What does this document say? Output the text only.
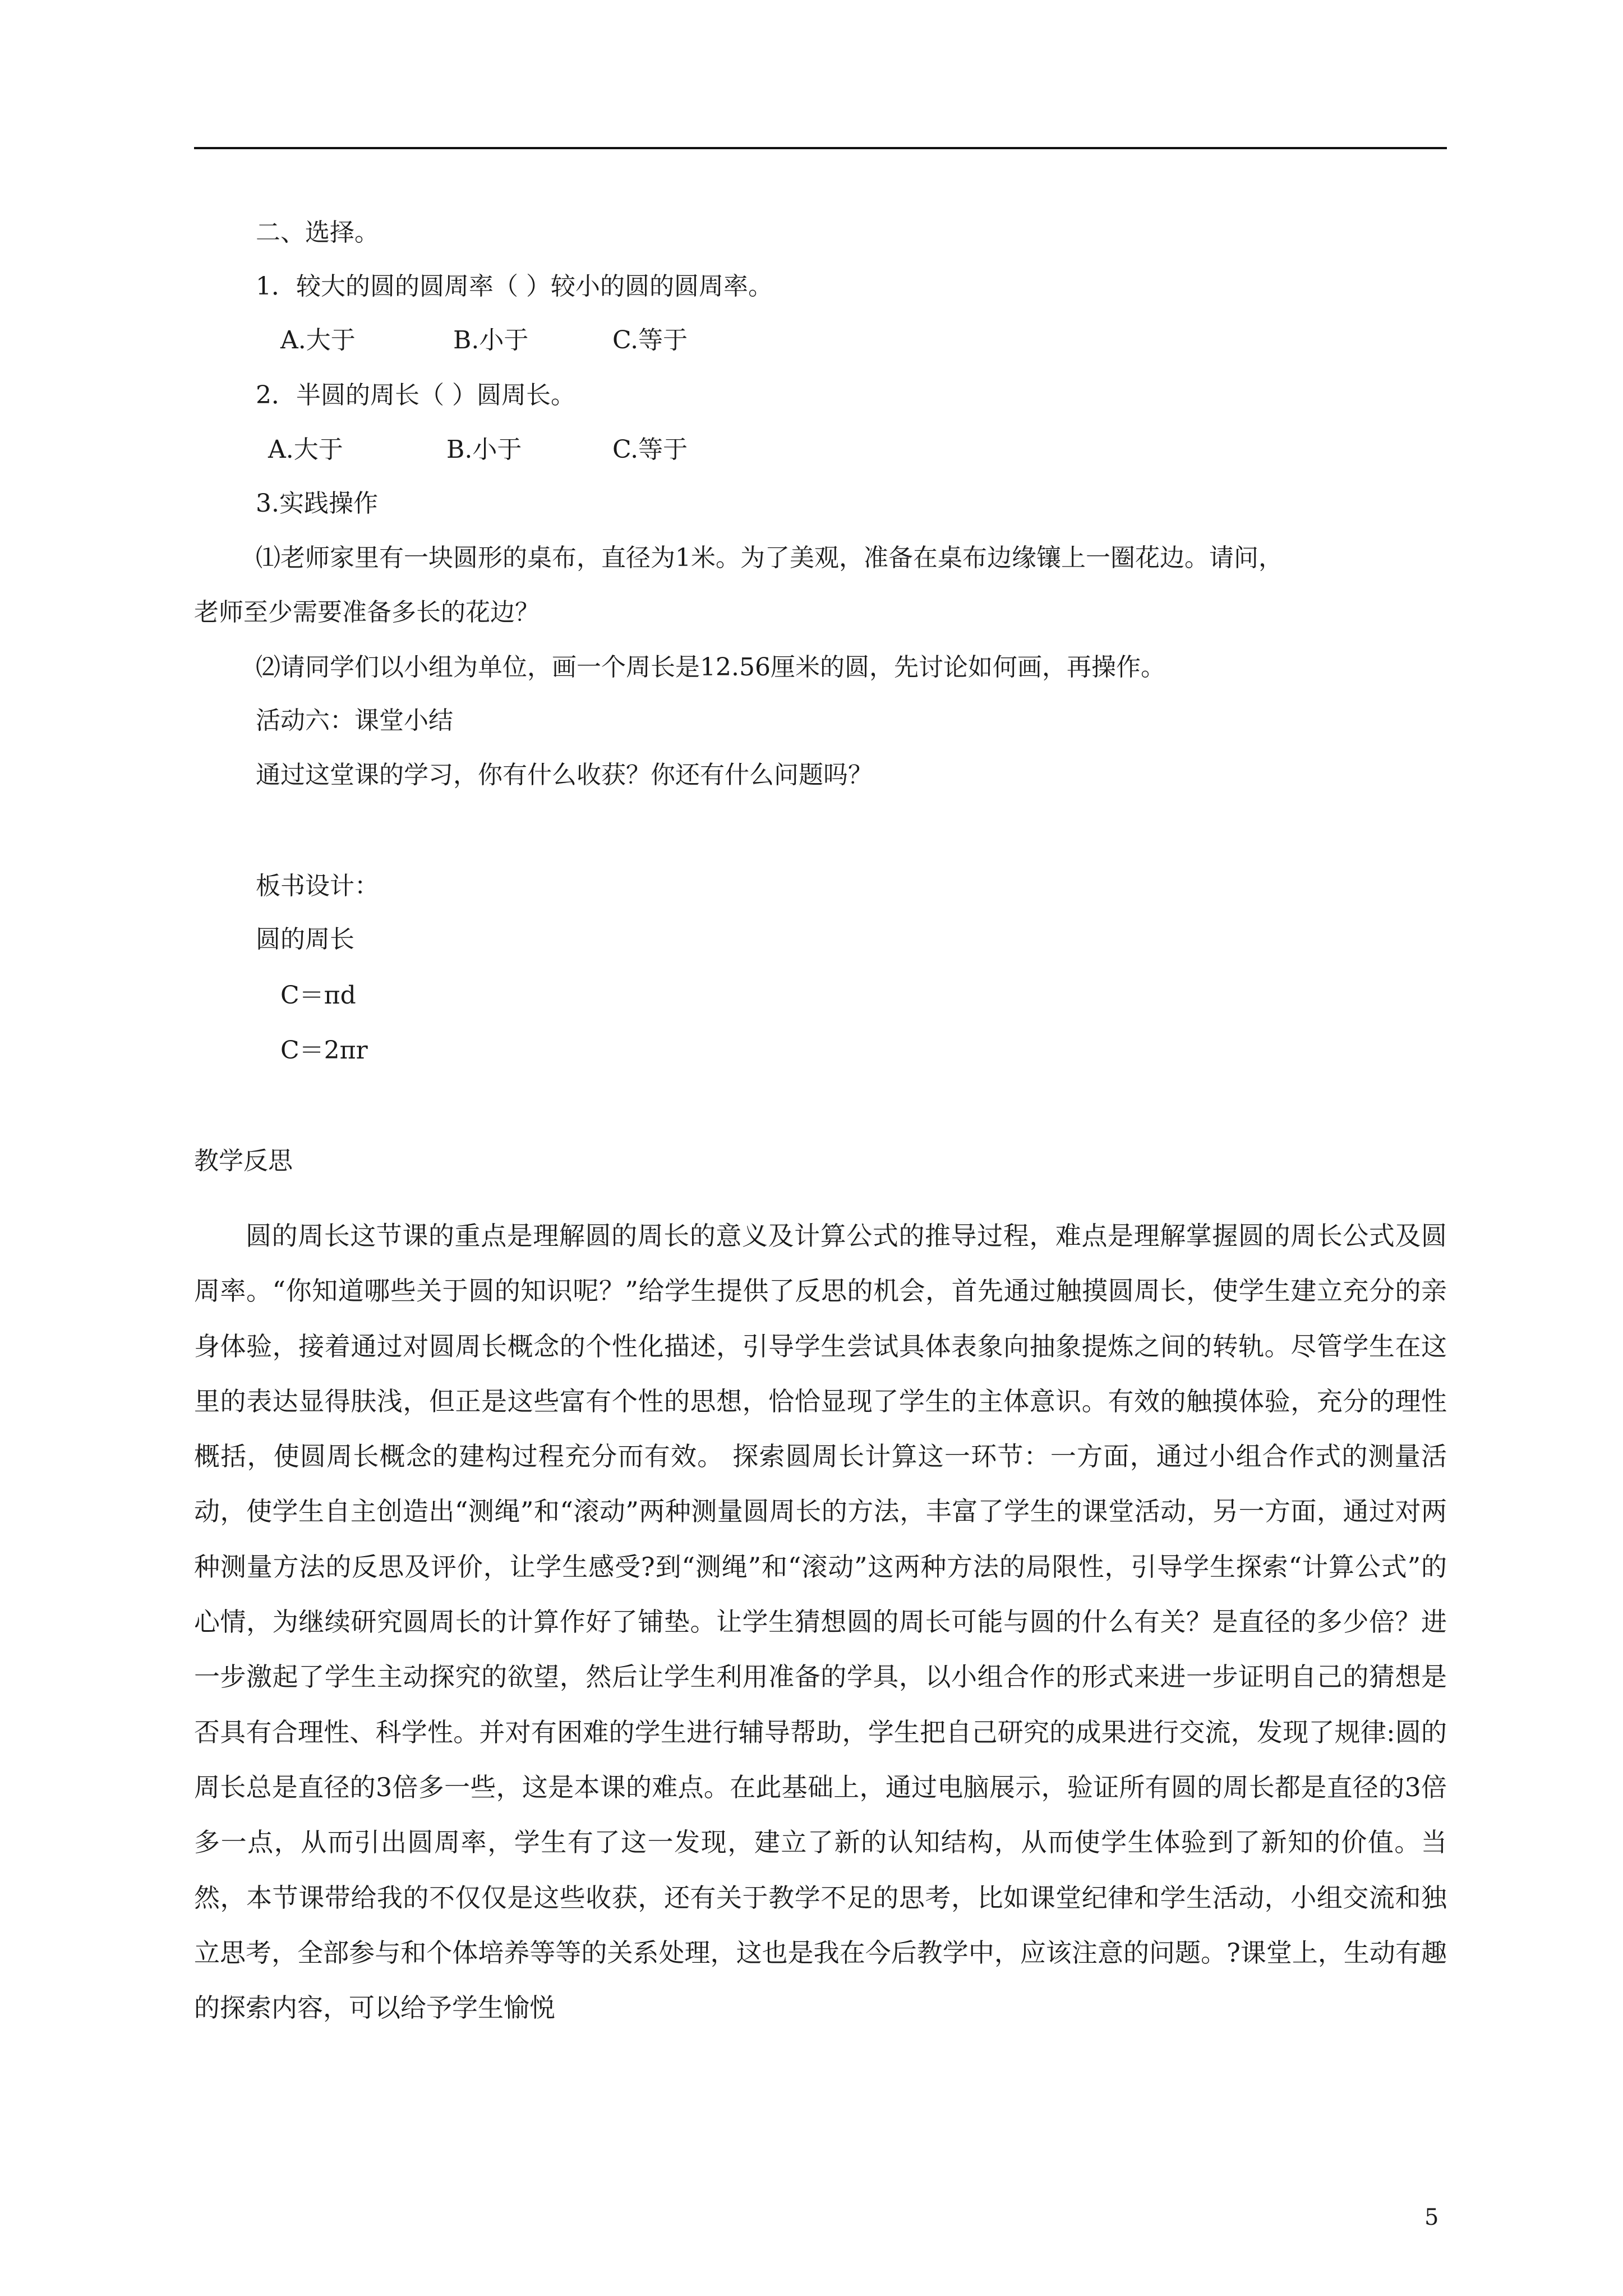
二、选择。

1．较大的圆的圆周率（ ）较小的圆的圆周率。

A.大于	B.小于	C.等于

2．半圆的周长（ ）圆周长。

A.大于	B.小于	C.等于

3.实践操作

⑴老师家里有一块圆形的桌布，直径为1米。为了美观，准备在桌布边缘镶上一圈花边。请问，

老师至少需要准备多长的花边？

⑵请同学们以小组为单位，画一个周长是12.56厘米的圆，先讨论如何画，再操作。

活动六：课堂小结

通过这堂课的学习，你有什么收获？你还有什么问题吗？

板书设计：

圆的周长

C＝πd

C＝2πr

教学反思

圆的周长这节课的重点是理解圆的周长的意义及计算公式的推导过程，难点是理解掌握圆的周长公式及圆周率。“你知道哪些关于圆的知识呢？”给学生提供了反思的机会，首先通过触摸圆周长，使学生建立充分的亲身体验，接着通过对圆周长概念的个性化描述，引导学生尝试具体表象向抽象提炼之间的转轨。尽管学生在这里的表达显得肤浅，但正是这些富有个性的思想，恰恰显现了学生的主体意识。有效的触摸体验，充分的理性概括，使圆周长概念的建构过程充分而有效。 探索圆周长计算这一环节：一方面，通过小组合作式的测量活动，使学生自主创造出“测绳”和“滚动”两种测量圆周长的方法，丰富了学生的课堂活动，另一方面，通过对两种测量方法的反思及评价，让学生感受?到“测绳”和“滚动”这两种方法的局限性，引导学生探索“计算公式”的心情，为继续研究圆周长的计算作好了铺垫。让学生猜想圆的周长可能与圆的什么有关？是直径的多少倍？进一步激起了学生主动探究的欲望，然后让学生利用准备的学具，以小组合作的形式来进一步证明自己的猜想是否具有合理性、科学性。并对有困难的学生进行辅导帮助，学生把自己研究的成果进行交流，发现了规律:圆的周长总是直径的3倍多一些，这是本课的难点。在此基础上，通过电脑展示，验证所有圆的周长都是直径的3倍多一点，从而引出圆周率，学生有了这一发现，建立了新的认知结构，从而使学生体验到了新知的价值。当然，本节课带给我的不仅仅是这些收获，还有关于教学不足的思考，比如课堂纪律和学生活动，小组交流和独立思考，全部参与和个体培养等等的关系处理，这也是我在今后教学中，应该注意的问题。?课堂上，生动有趣的探索内容，可以给予学生愉悦

5
